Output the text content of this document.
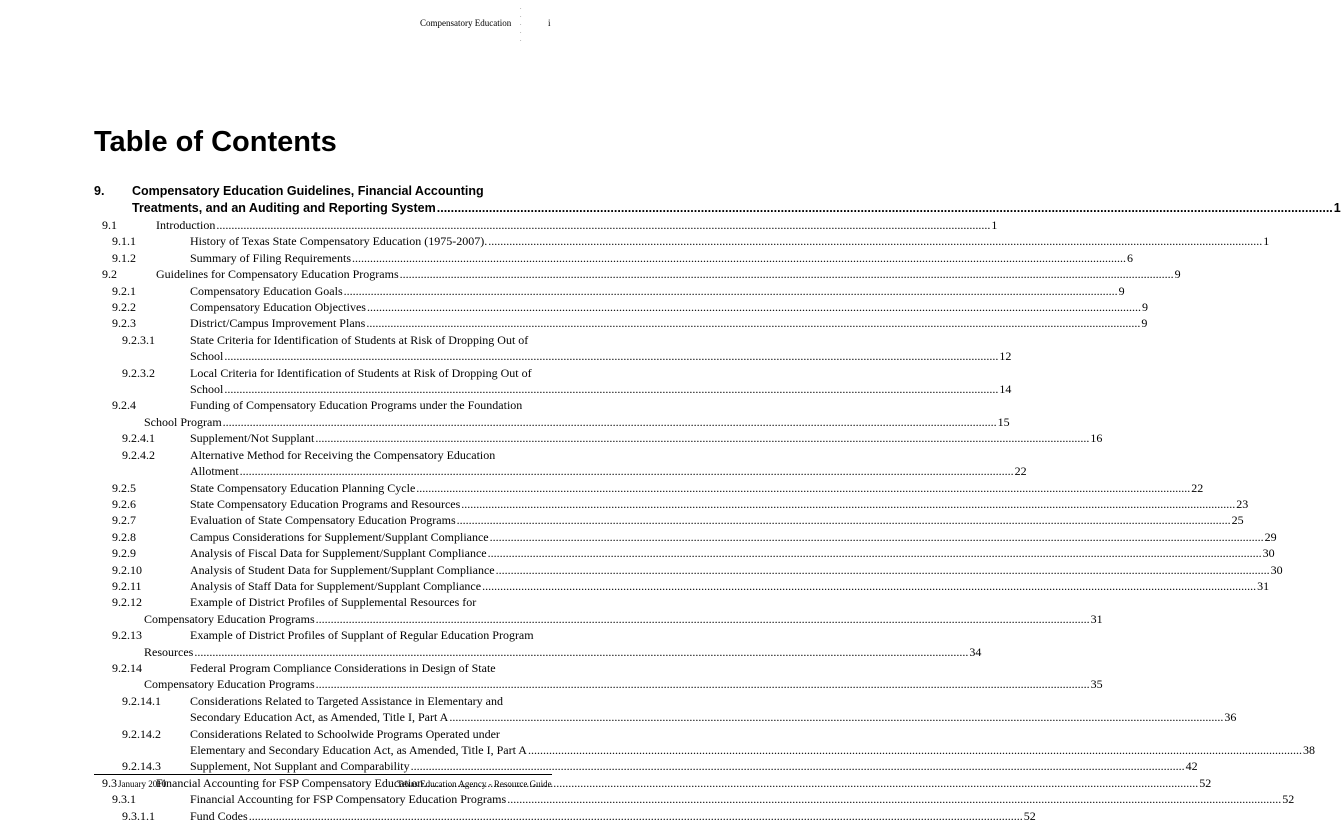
Compensatory Education	i
.
.
.
.
.
Table of Contents
9.	Compensatory Education Guidelines, Financial Accounting
Treatments, and an Auditing and Reporting System .....	1
9.1	Introduction .....	1
9.1.1	History of Texas State Compensatory Education (1975-2007). .....	1
9.1.2	Summary of Filing Requirements .....	6
9.2	Guidelines for Compensatory Education Programs .....	9
9.2.1	Compensatory Education Goals .....	9
9.2.2	Compensatory Education Objectives .....	9
9.2.3	District/Campus Improvement Plans .....	9
9.2.3.1	State Criteria for Identification of Students at Risk of Dropping Out of
School .....	12
9.2.3.2	Local Criteria for Identification of Students at Risk of Dropping Out of
School .....	14
9.2.4	Funding of Compensatory Education Programs under the Foundation
School Program .....	15
9.2.4.1	Supplement/Not Supplant .....	16
9.2.4.2	Alternative Method for Receiving the Compensatory Education
Allotment .....	22
9.2.5	State Compensatory Education Planning Cycle .....	22
9.2.6	State Compensatory Education Programs and Resources .....	23
9.2.7	Evaluation of State Compensatory Education Programs .....	25
9.2.8	Campus Considerations for Supplement/Supplant Compliance .....	29
9.2.9	Analysis of Fiscal Data for Supplement/Supplant Compliance .....	30
9.2.10	Analysis of Student Data for Supplement/Supplant Compliance .....	30
9.2.11	Analysis of Staff Data for Supplement/Supplant Compliance .....	31
9.2.12	Example of District Profiles of Supplemental Resources for
Compensatory Education Programs .....	31
9.2.13	Example of District Profiles of Supplant of Regular Education Program
Resources .....	34
9.2.14	Federal Program Compliance Considerations in Design of State
Compensatory Education Programs .....	35
9.2.14.1	Considerations Related to Targeted Assistance in Elementary and
Secondary Education Act, as Amended, Title I, Part A .....	36
9.2.14.2	Considerations Related to Schoolwide Programs Operated under
Elementary and Secondary Education Act, as Amended, Title I, Part A .....	38
9.2.14.3 Supplement, Not Supplant and Comparability .....	42
9.3	Financial Accounting for FSP Compensatory Education .....	52
9.3.1	Financial Accounting for FSP Compensatory Education Programs .....	52
9.3.1.1	Fund Codes .....	52
January 2010	Texas Education Agency - Resource Guide
